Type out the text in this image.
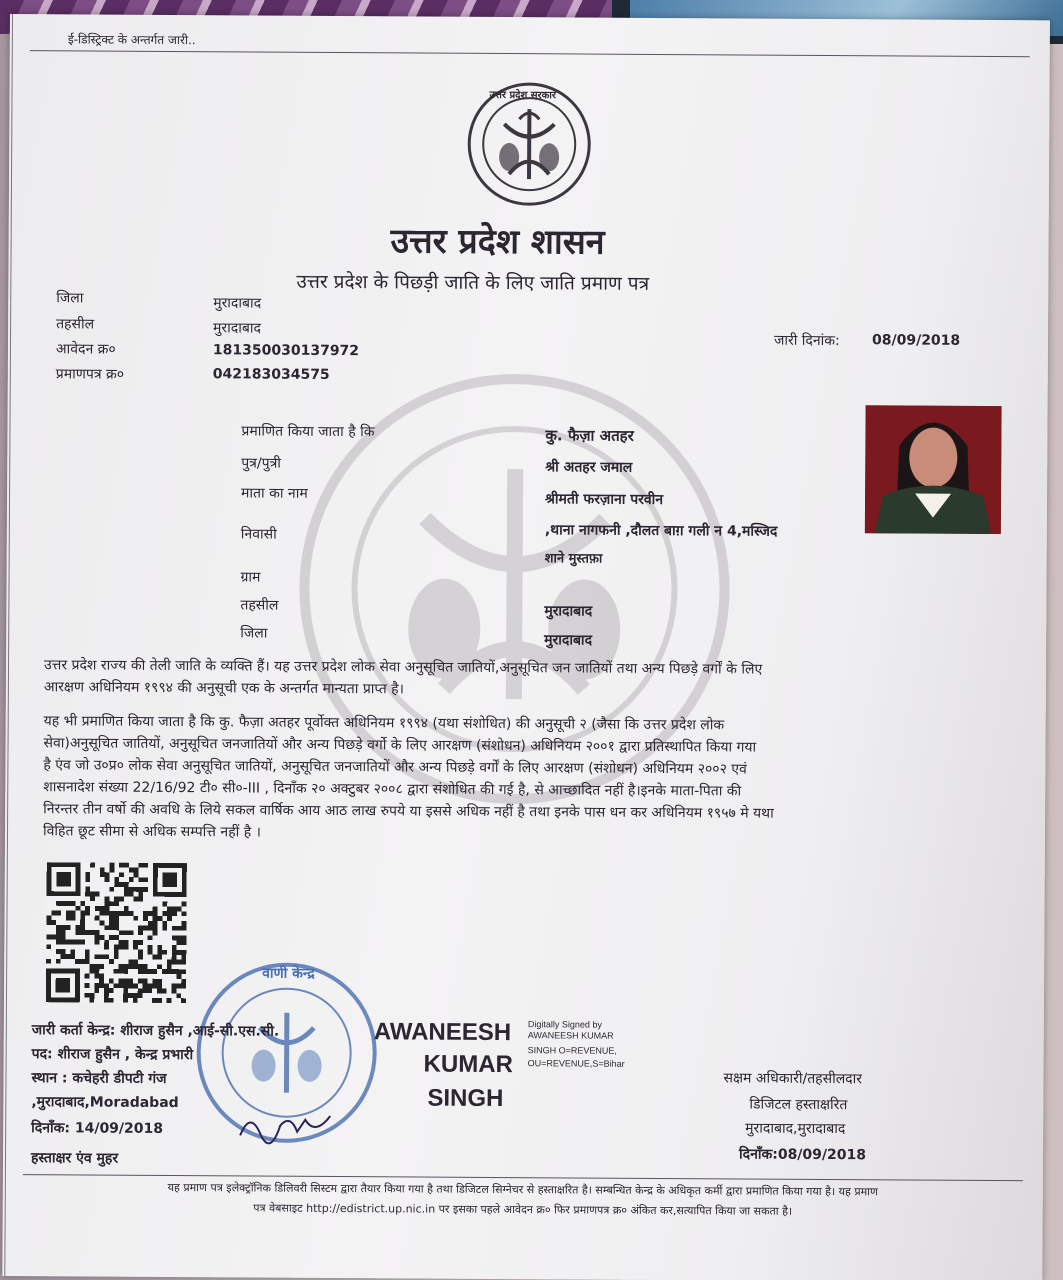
ई-डिस्ट्रिक्ट के अन्तर्गत जारी..
उत्तर प्रदेश सरकार
उत्तर प्रदेश शासन
उत्तर प्रदेश के पिछड़ी जाति के लिए जाति प्रमाण पत्र
जिला	मुरादाबाद
तहसील	मुरादाबाद
आवेदन क्र०	181350030137972
प्रमाणपत्र क्र०	042183034575
जारी दिनांक: 08/09/2018
प्रमाणित किया जाता है कि	कु. फैज़ा अतहर
पुत्र/पुत्री	श्री अतहर जमाल
माता का नाम	श्रीमती फरज़ाना परवीन
निवासी	,थाना नागफनी ,दौलत बाग़ गली न 4,मस्जिद
शाने मुस्तफ़ा
ग्राम
तहसील	मुरादाबाद
जिला	मुरादाबाद

उत्तर प्रदेश राज्य की तेली जाति के व्यक्ति हैं। यह उत्तर प्रदेश लोक सेवा अनुसूचित जातियों,अनुसूचित जन जातियों तथा अन्य पिछड़े वर्गों के लिए

आरक्षण अधिनियम १९९४ की अनुसूची एक के अन्तर्गत मान्यता प्राप्त है।

यह भी प्रमाणित किया जाता है कि कु. फैज़ा अतहर पूर्वोक्त अधिनियम १९९४ (यथा संशोधित) की अनुसूची २ (जैसा कि उत्तर प्रदेश लोक

सेवा)अनुसूचित जातियों, अनुसूचित जनजातियों और अन्य पिछड़े वर्गो के लिए आरक्षण (संशोधन) अधिनियम २००१ द्वारा प्रतिस्थापित किया गया

है एंव जो उ०प्र० लोक सेवा अनुसूचित जातियों, अनुसूचित जनजातियों और अन्य पिछड़े वर्गों के लिए आरक्षण (संशोधन) अधिनियम २००२ एवं

शासनादेश संख्या 22/16/92 टी० सी०-III , दिनाँक २० अक्टुबर २००८ द्वारा संशोधित की गई है, से आच्छादित नहीं है।इनके माता-पिता की

निरन्तर तीन वर्षो की अवधि के लिये सकल वार्षिक आय आठ लाख रुपये या इससे अधिक नहीं है तथा इनके पास धन कर अधिनियम १९५७ मे यथा

विहित छूट सीमा से अधिक सम्पत्ति नहीं है ।

वाणी केन्द्र
जारी कर्ता केन्द्र: शीराज हुसैन ,आई-सी.एस.सी.
पद: शीराज हुसैन , केन्द्र प्रभारी
स्थान : कचेहरी डीपटी गंज
,मुरादाबाद,Moradabad
दिनाँक: 14/09/2018
हस्ताक्षर एंव मुहर
AWANEESH
KUMAR
SINGH
Digitally Signed by
AWANEESH KUMAR
SINGH O=REVENUE,
OU=REVENUE,S=Bihar
सक्षम अधिकारी/तहसीलदार
डिजिटल हस्ताक्षरित
मुरादाबाद,मुरादाबाद
दिनाँक:08/09/2018
यह प्रमाण पत्र इलेक्ट्रॉनिक डिलिवरी सिस्टम द्वारा तैयार किया गया है तथा डिजिटल सिग्नेचर से हस्ताक्षरित है। सम्बन्धित केन्द्र के अधिकृत कर्मी द्वारा प्रमाणित किया गया है। यह प्रमाण
पत्र वेबसाइट http://edistrict.up.nic.in पर इसका पहले आवेदन क्र० फिर प्रमाणपत्र क्र० अंकित कर,सत्यापित किया जा सकता है।
